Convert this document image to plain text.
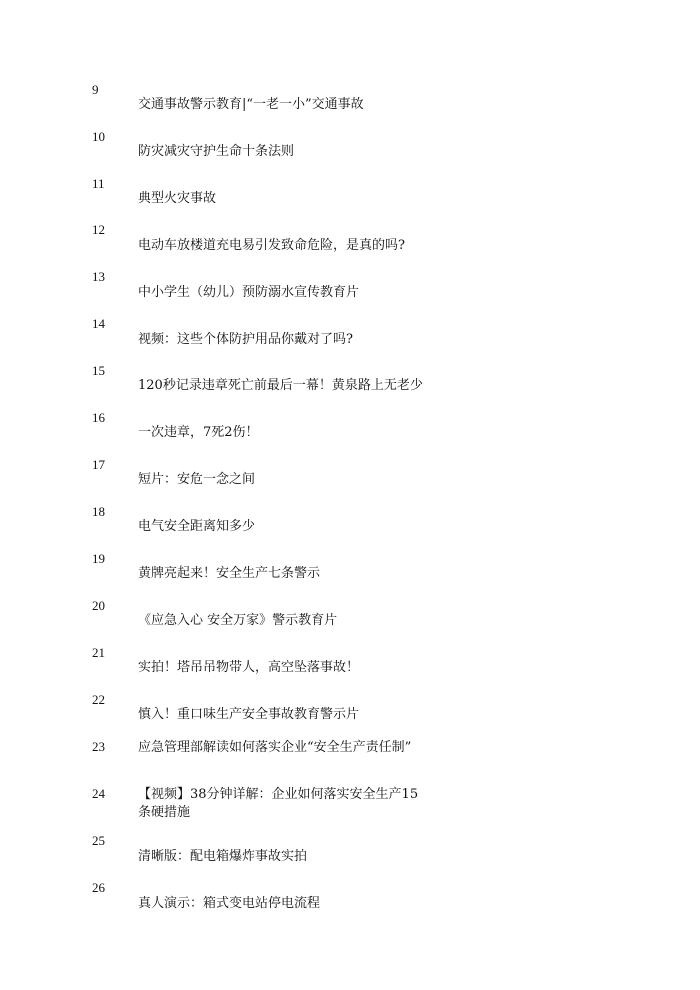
9
交通事故警示教育|“一老一小”交通事故
10
防灾减灾守护生命十条法则
11
典型火灾事故
12
电动车放楼道充电易引发致命危险，是真的吗?
13
中小学生（幼儿）预防溺水宣传教育片
14
视频：这些个体防护用品你戴对了吗?
15
120秒记录违章死亡前最后一幕！黄泉路上无老少
16
一次违章，7死2伤！
17
短片：安危一念之间
18
电气安全距离知多少
19
黄牌亮起来！安全生产七条警示
20
《应急入心 安全万家》警示教育片
21
实拍！塔吊吊物带人，高空坠落事故！
22
慎入！重口味生产安全事故教育警示片
23	应急管理部解读如何落实企业“安全生产责任制”
24	【视频】38分钟详解：企业如何落实安全生产15条硬措施
25
清晰版：配电箱爆炸事故实拍
26
真人演示：箱式变电站停电流程
